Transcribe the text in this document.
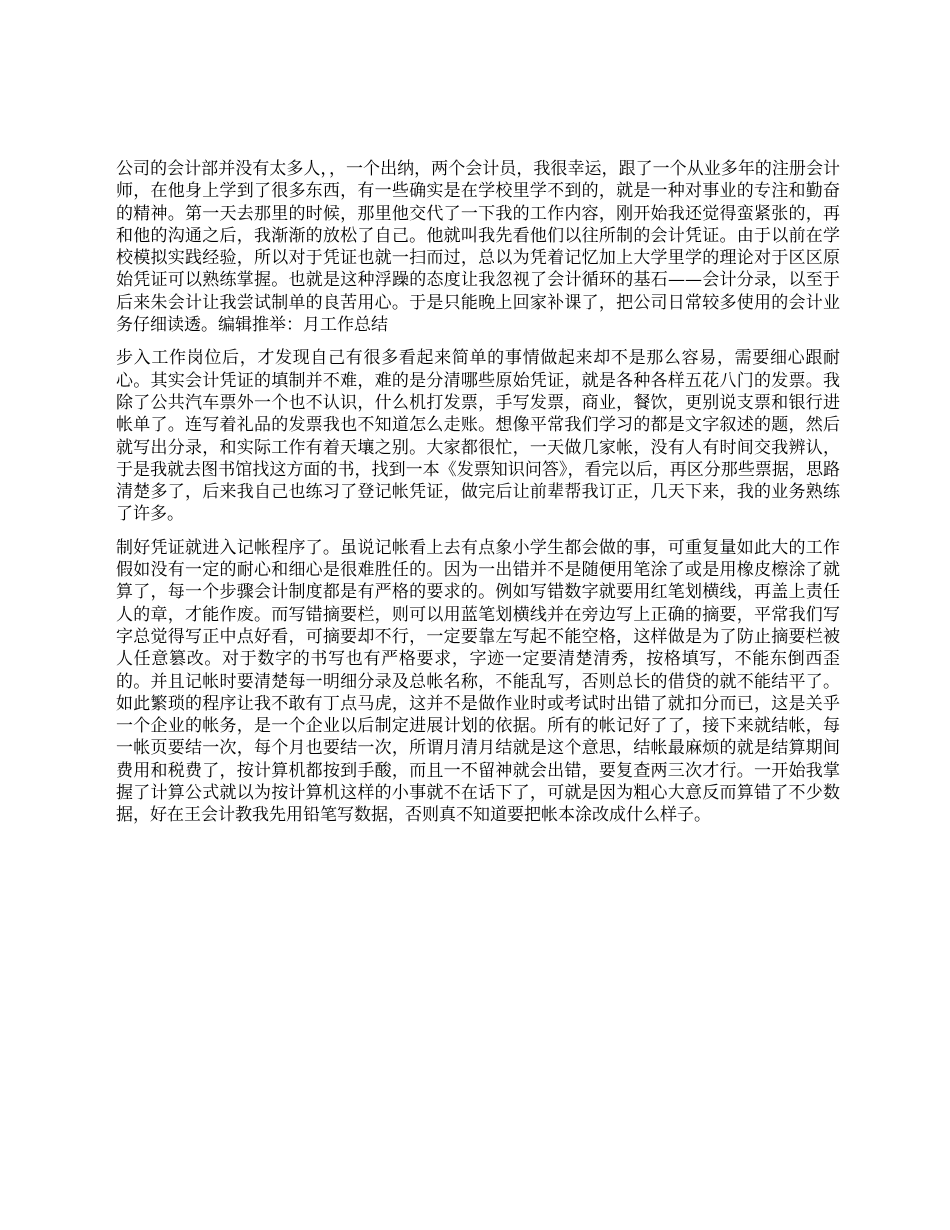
公司的会计部并没有太多人，，一个出纳，两个会计员，我很幸运，跟了一个从业多年的注册会计师，在他身上学到了很多东西，有一些确实是在学校里学不到的，就是一种对事业的专注和勤奋的精神。第一天去那里的时候，那里他交代了一下我的工作内容，刚开始我还觉得蛮紧张的，再和他的沟通之后，我渐渐的放松了自己。他就叫我先看他们以往所制的会计凭证。由于以前在学校模拟实践经验，所以对于凭证也就一扫而过，总以为凭着记忆加上大学里学的理论对于区区原始凭证可以熟练掌握。也就是这种浮躁的态度让我忽视了会计循环的基石——会计分录，以至于后来朱会计让我尝试制单的良苦用心。于是只能晚上回家补课了，把公司日常较多使用的会计业务仔细读透。编辑推举：月工作总结

步入工作岗位后，才发现自己有很多看起来简单的事情做起来却不是那么容易，需要细心跟耐心。其实会计凭证的填制并不难，难的是分清哪些原始凭证，就是各种各样五花八门的发票。我除了公共汽车票外一个也不认识，什么机打发票，手写发票，商业，餐饮，更别说支票和银行进帐单了。连写着礼品的发票我也不知道怎么走账。想像平常我们学习的都是文字叙述的题，然后就写出分录，和实际工作有着天壤之别。大家都很忙，一天做几家帐，没有人有时间交我辨认，于是我就去图书馆找这方面的书，找到一本《发票知识问答》，看完以后，再区分那些票据，思路清楚多了，后来我自己也练习了登记帐凭证，做完后让前辈帮我订正，几天下来，我的业务熟练了许多。

制好凭证就进入记帐程序了。虽说记帐看上去有点象小学生都会做的事，可重复量如此大的工作假如没有一定的耐心和细心是很难胜任的。因为一出错并不是随便用笔涂了或是用橡皮檫涂了就算了，每一个步骤会计制度都是有严格的要求的。例如写错数字就要用红笔划横线，再盖上责任人的章，才能作废。而写错摘要栏，则可以用蓝笔划横线并在旁边写上正确的摘要，平常我们写字总觉得写正中点好看，可摘要却不行，一定要靠左写起不能空格，这样做是为了防止摘要栏被人任意篡改。对于数字的书写也有严格要求，字迹一定要清楚清秀，按格填写，不能东倒西歪的。并且记帐时要清楚每一明细分录及总帐名称，不能乱写，否则总长的借贷的就不能结平了。如此繁琐的程序让我不敢有丁点马虎，这并不是做作业时或考试时出错了就扣分而已，这是关乎一个企业的帐务，是一个企业以后制定进展计划的依据。所有的帐记好了了，接下来就结帐，每一帐页要结一次，每个月也要结一次，所谓月清月结就是这个意思，结帐最麻烦的就是结算期间费用和税费了，按计算机都按到手酸，而且一不留神就会出错，要复查两三次才行。一开始我掌握了计算公式就以为按计算机这样的小事就不在话下了，可就是因为粗心大意反而算错了不少数据，好在王会计教我先用铅笔写数据，否则真不知道要把帐本涂改成什么样子。
